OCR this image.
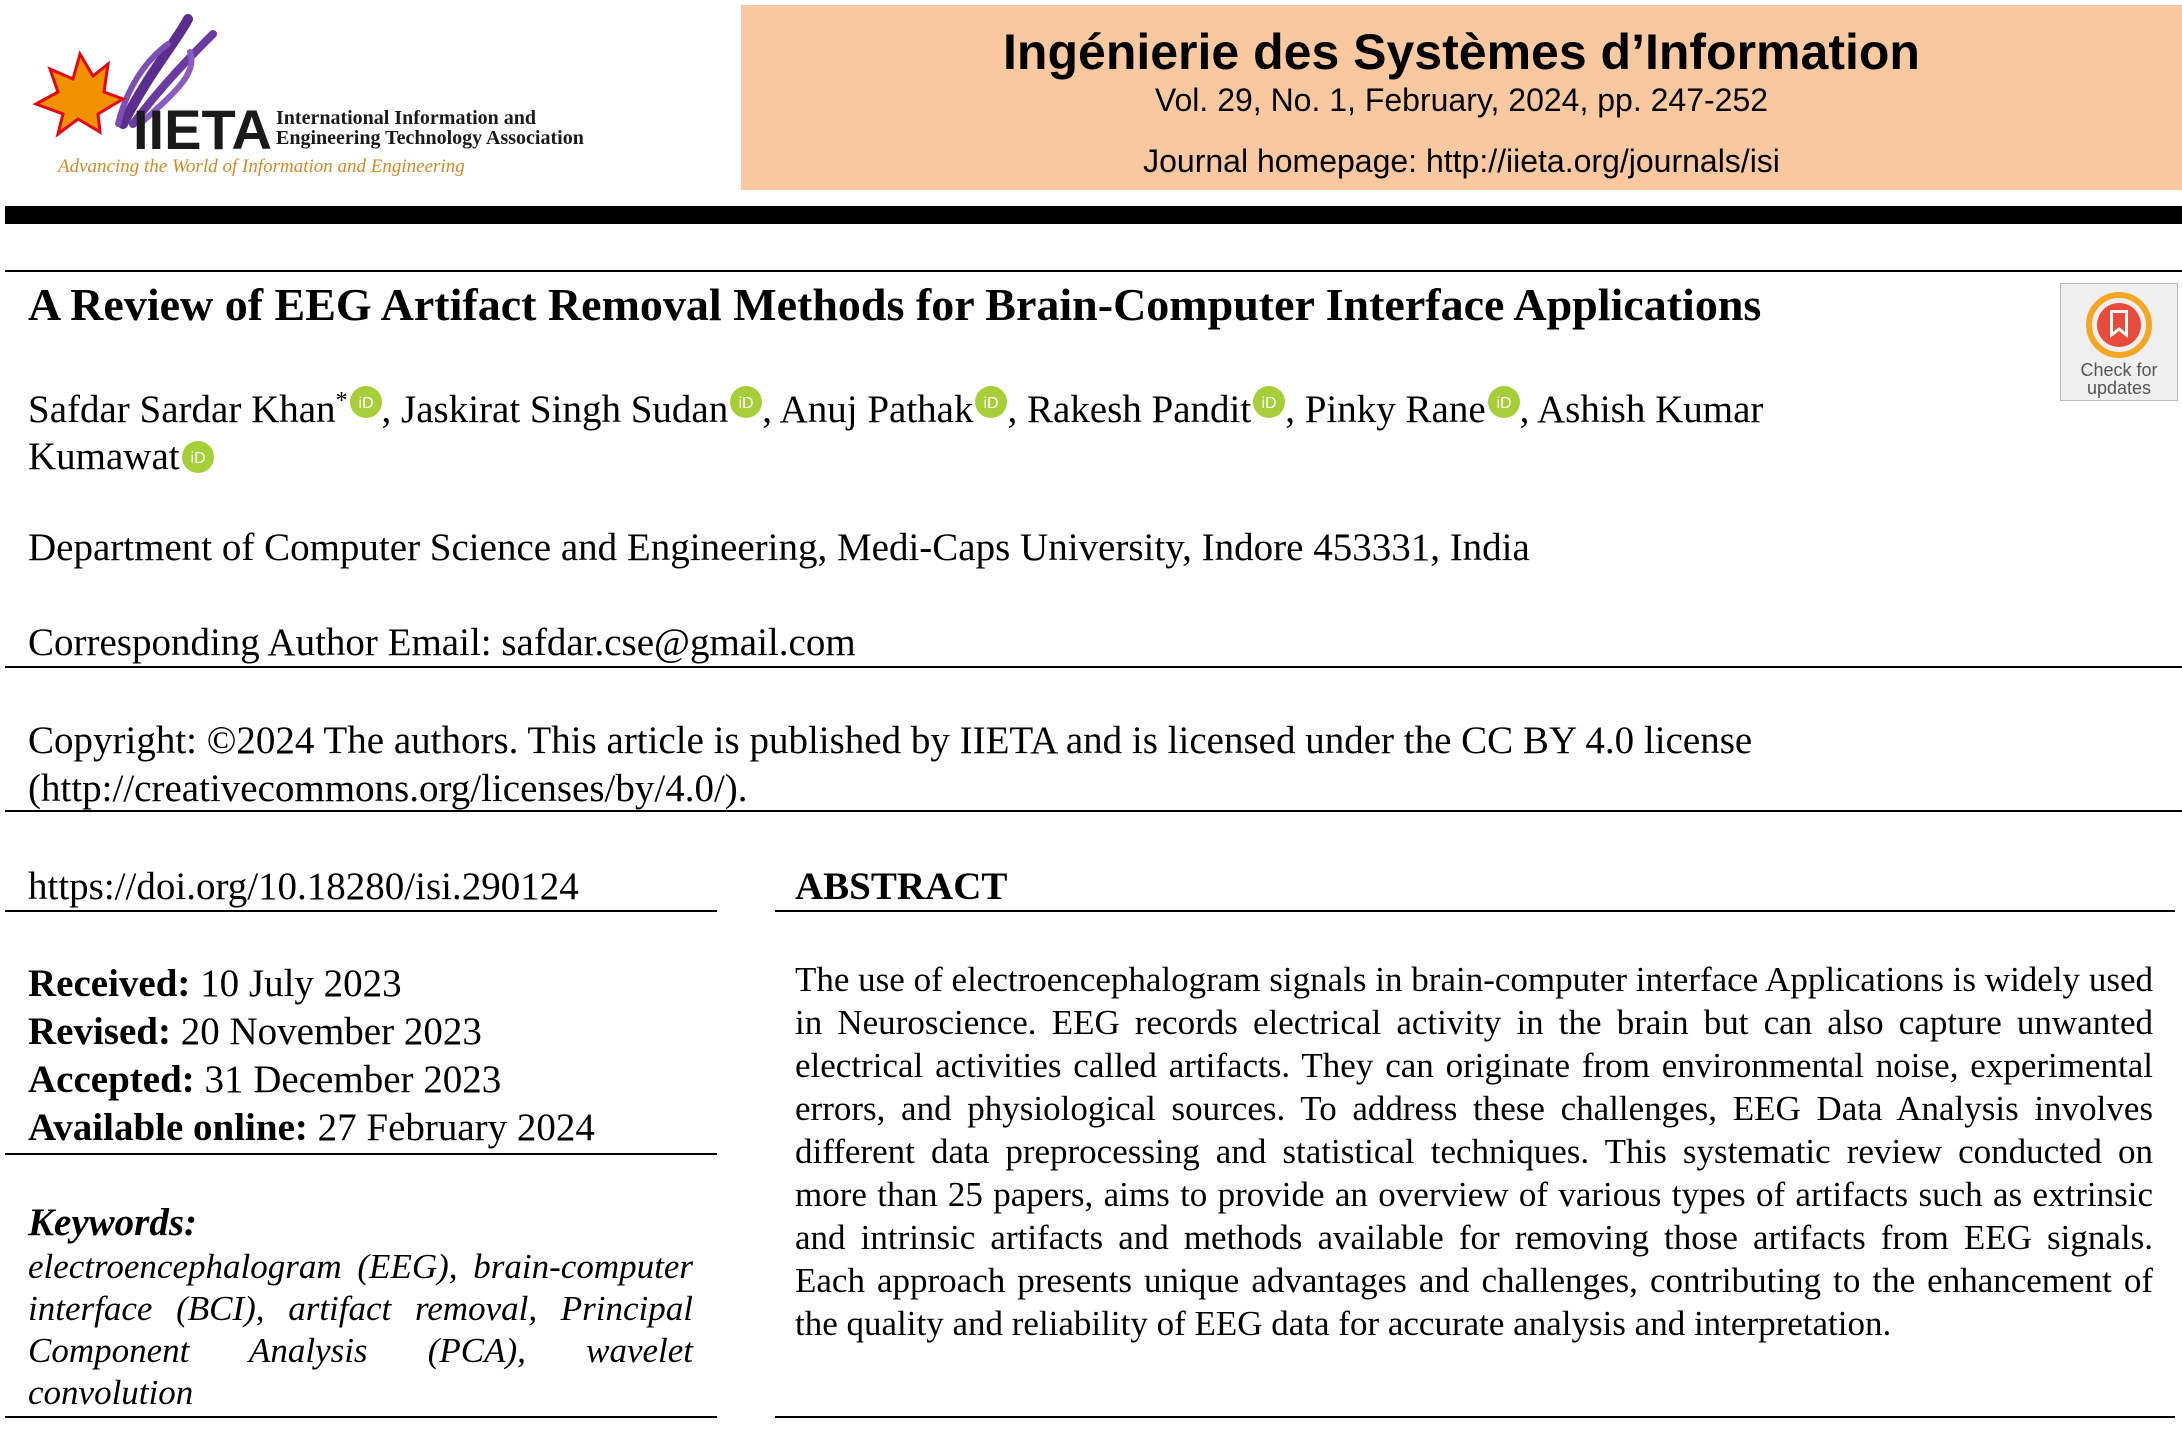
IIETA International Information and
Engineering Technology Association
Advancing the World of Information and Engineering
Ingénierie des Systèmes d’Information
Vol. 29, No. 1, February, 2024, pp. 247-252
Journal homepage: http://iieta.org/journals/isi
A Review of EEG Artifact Removal Methods for Brain-Computer Interface Applications
Check for
updates
Safdar Sardar Khan* iD , Jaskirat Singh Sudan iD , Anuj Pathak iD , Rakesh Pandit iD , Pinky Rane iD , Ashish Kumar Kumawat iD
Department of Computer Science and Engineering, Medi-Caps University, Indore 453331, India
Corresponding Author Email: safdar.cse@gmail.com
Copyright: ©2024 The authors. This article is published by IIETA and is licensed under the CC BY 4.0 license
(http://creativecommons.org/licenses/by/4.0/).
https://doi.org/10.18280/isi.290124
Received: 10 July 2023
Revised: 20 November 2023
Accepted: 31 December 2023
Available online: 27 February 2024
Keywords:
electroencephalogram (EEG), brain-computer interface (BCI), artifact removal, Principal Component Analysis (PCA), wavelet convolution
ABSTRACT
The use of electroencephalogram signals in brain-computer interface Applications is widely used in Neuroscience. EEG records electrical activity in the brain but can also capture unwanted electrical activities called artifacts. They can originate from environmental noise, experimental errors, and physiological sources. To address these challenges, EEG Data Analysis involves different data preprocessing and statistical techniques. This systematic review conducted on more than 25 papers, aims to provide an overview of various types of artifacts such as extrinsic and intrinsic artifacts and methods available for removing those artifacts from EEG signals. Each approach presents unique advantages and challenges, contributing to the enhancement of the quality and reliability of EEG data for accurate analysis and interpretation.
